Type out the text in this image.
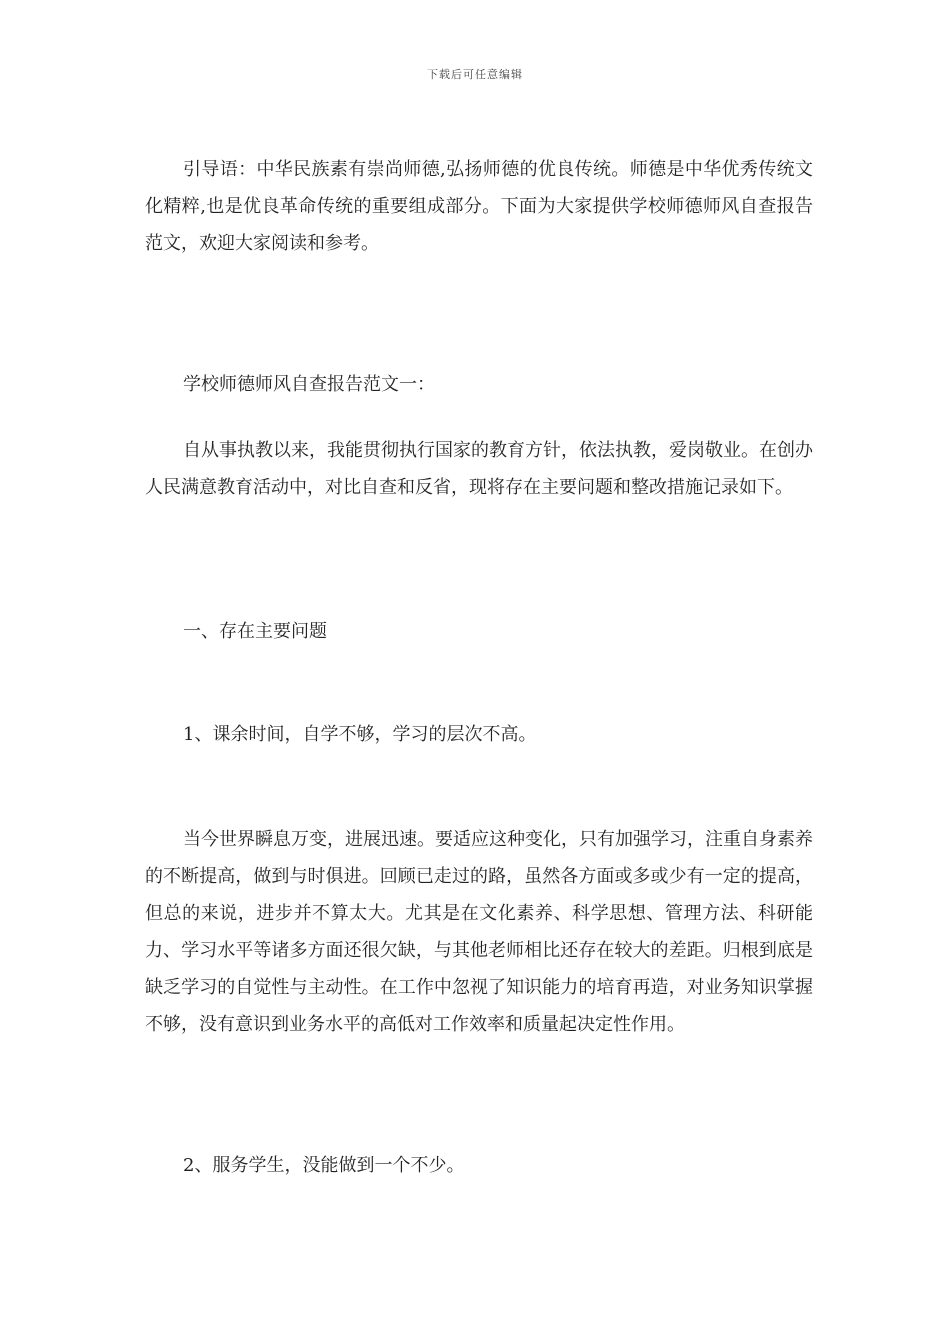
下载后可任意编辑

引导语：中华民族素有崇尚师德,弘扬师德的优良传统。师德是中华优秀传统文化精粹,也是优良革命传统的重要组成部分。下面为大家提供学校师德师风自查报告范文，欢迎大家阅读和参考。

学校师德师风自查报告范文一：

自从事执教以来，我能贯彻执行国家的教育方针，依法执教，爱岗敬业。在创办人民满意教育活动中，对比自查和反省，现将存在主要问题和整改措施记录如下。

一、存在主要问题

1、课余时间，自学不够，学习的层次不高。

当今世界瞬息万变，进展迅速。要适应这种变化，只有加强学习，注重自身素养的不断提高，做到与时俱进。回顾已走过的路，虽然各方面或多或少有一定的提高，但总的来说，进步并不算太大。尤其是在文化素养、科学思想、管理方法、科研能力、学习水平等诸多方面还很欠缺，与其他老师相比还存在较大的差距。归根到底是缺乏学习的自觉性与主动性。在工作中忽视了知识能力的培育再造，对业务知识掌握不够，没有意识到业务水平的高低对工作效率和质量起决定性作用。

2、服务学生，没能做到一个不少。
